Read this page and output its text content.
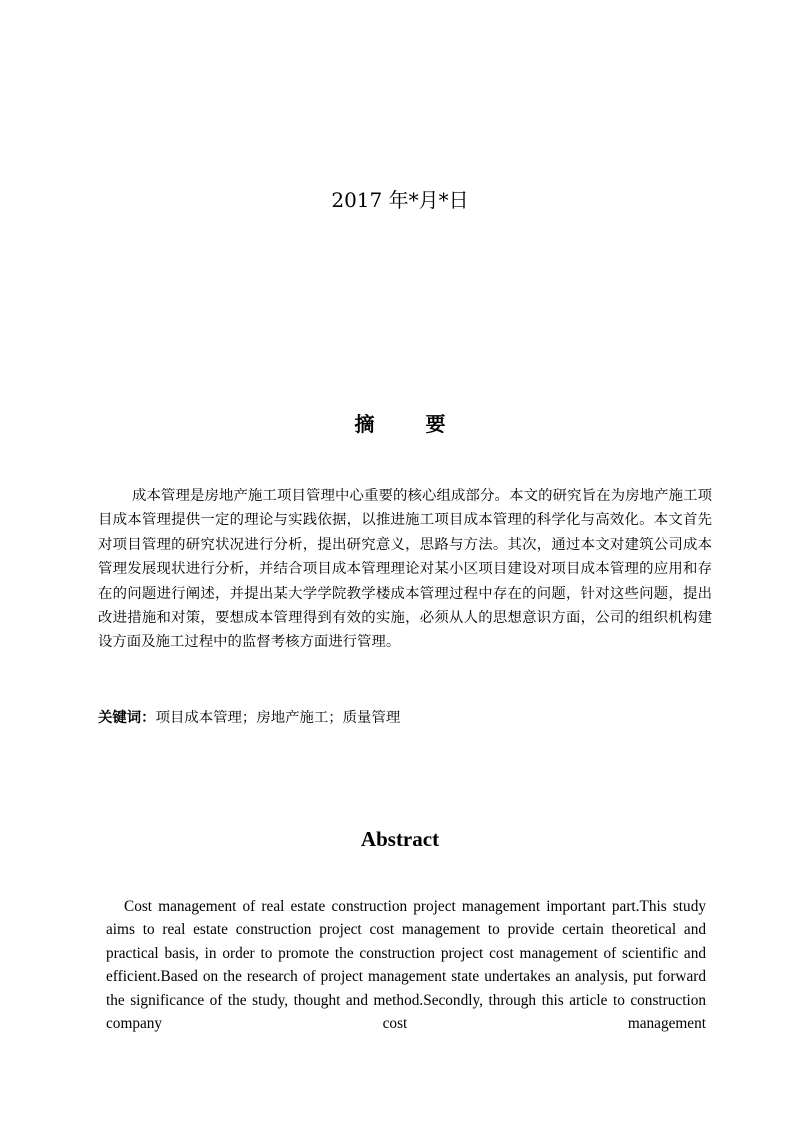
2017 年*月*日
摘 要

成本管理是房地产施工项目管理中心重要的核心组成部分。本文的研究旨在为房地产施工项目成本管理提供一定的理论与实践依据，以推进施工项目成本管理的科学化与高效化。本文首先对项目管理的研究状况进行分析，提出研究意义，思路与方法。其次，通过本文对建筑公司成本管理发展现状进行分析，并结合项目成本管理理论对某小区项目建设对项目成本管理的应用和存在的问题进行阐述，并提出某大学学院教学楼成本管理过程中存在的问题，针对这些问题，提出改进措施和对策，要想成本管理得到有效的实施，必须从人的思想意识方面，公司的组织机构建设方面及施工过程中的监督考核方面进行管理。

关键词：项目成本管理；房地产施工；质量管理
Abstract

Cost management of real estate construction project management important part.This study aims to real estate construction project cost management to provide certain theoretical and practical basis, in order to promote the construction project cost management of scientific and efficient.Based on the research of project management state undertakes an analysis, put forward the significance of the study, thought and method.Secondly, through this article to construction company cost management
